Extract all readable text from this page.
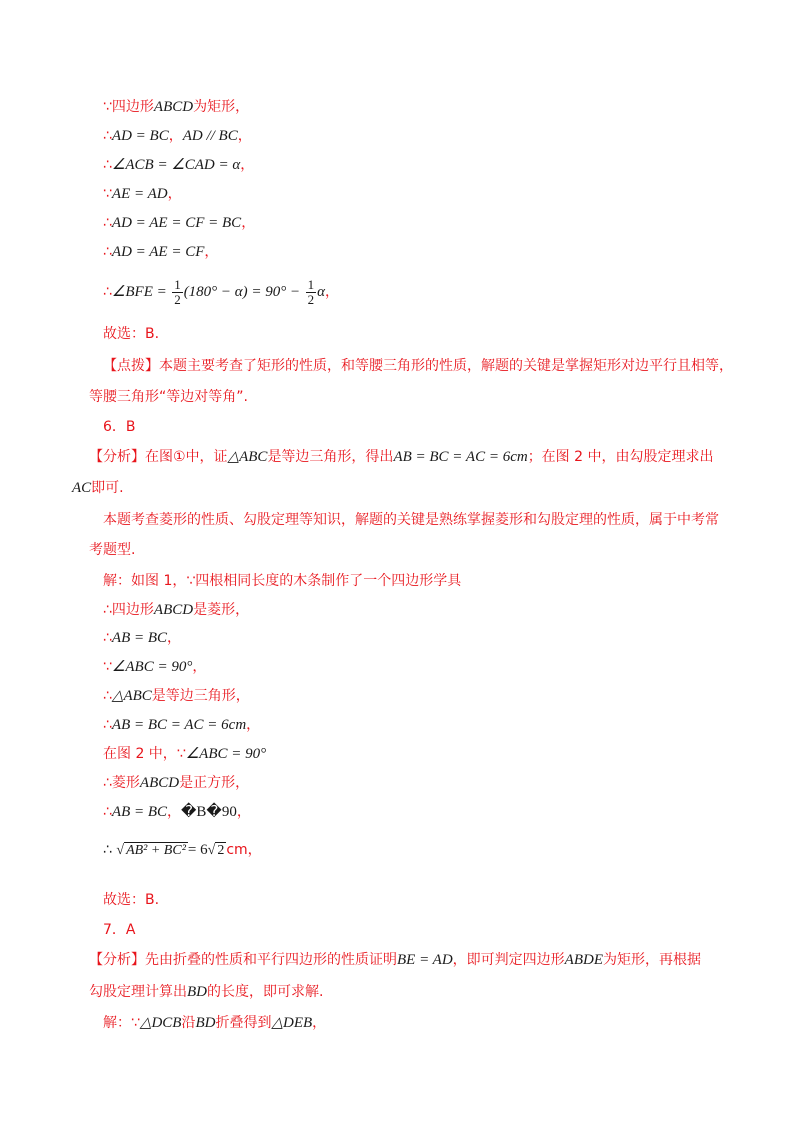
∵四边形ABCD为矩形，
∴AD = BC，AD // BC，
∴∠ACB = ∠CAD = α，
∵AE = AD，
∴AD = AE = CF = BC，
∴AD = AE = CF，
∴∠BFE = $\frac{1}{2} (180^\circ - \alpha) = 90^\circ - \frac{1}{2}$ α，
故选：B.
【点拨】本题主要考查了矩形的性质，和等腰三角形的性质，解题的关键是掌握矩形对边平行且相等，
等腰三角形“等边对等角”.
6．B
【分析】在图①中，证△ABC是等边三角形，得出AB = BC = AC = 6cm；在图 2 中，由勾股定理求出
AC即可.
本题考查菱形的性质、勾股定理等知识，解题的关键是熟练掌握菱形和勾股定理的性质，属于中考常
考题型.
解：如图 1，∵四根相同长度的木条制作了一个四边形学具
∴四边形ABCD是菱形，
∴AB = BC，
∵∠ABC = 90°，
∴△ABC是等边三角形，
∴AB = BC = AC = 6cm，
在图 2 中，∵∠ABC = 90°
∴菱形ABCD是正方形，
∴AB = BC，�B�90，
∴ √ AB² + BC² = 6√ 2 cm，
故选：B.
7．A
【分析】先由折叠的性质和平行四边形的性质证明BE = AD，即可判定四边形ABDE为矩形，再根据
勾股定理计算出BD的长度，即可求解.
解：∵△DCB沿BD折叠得到△DEB，
